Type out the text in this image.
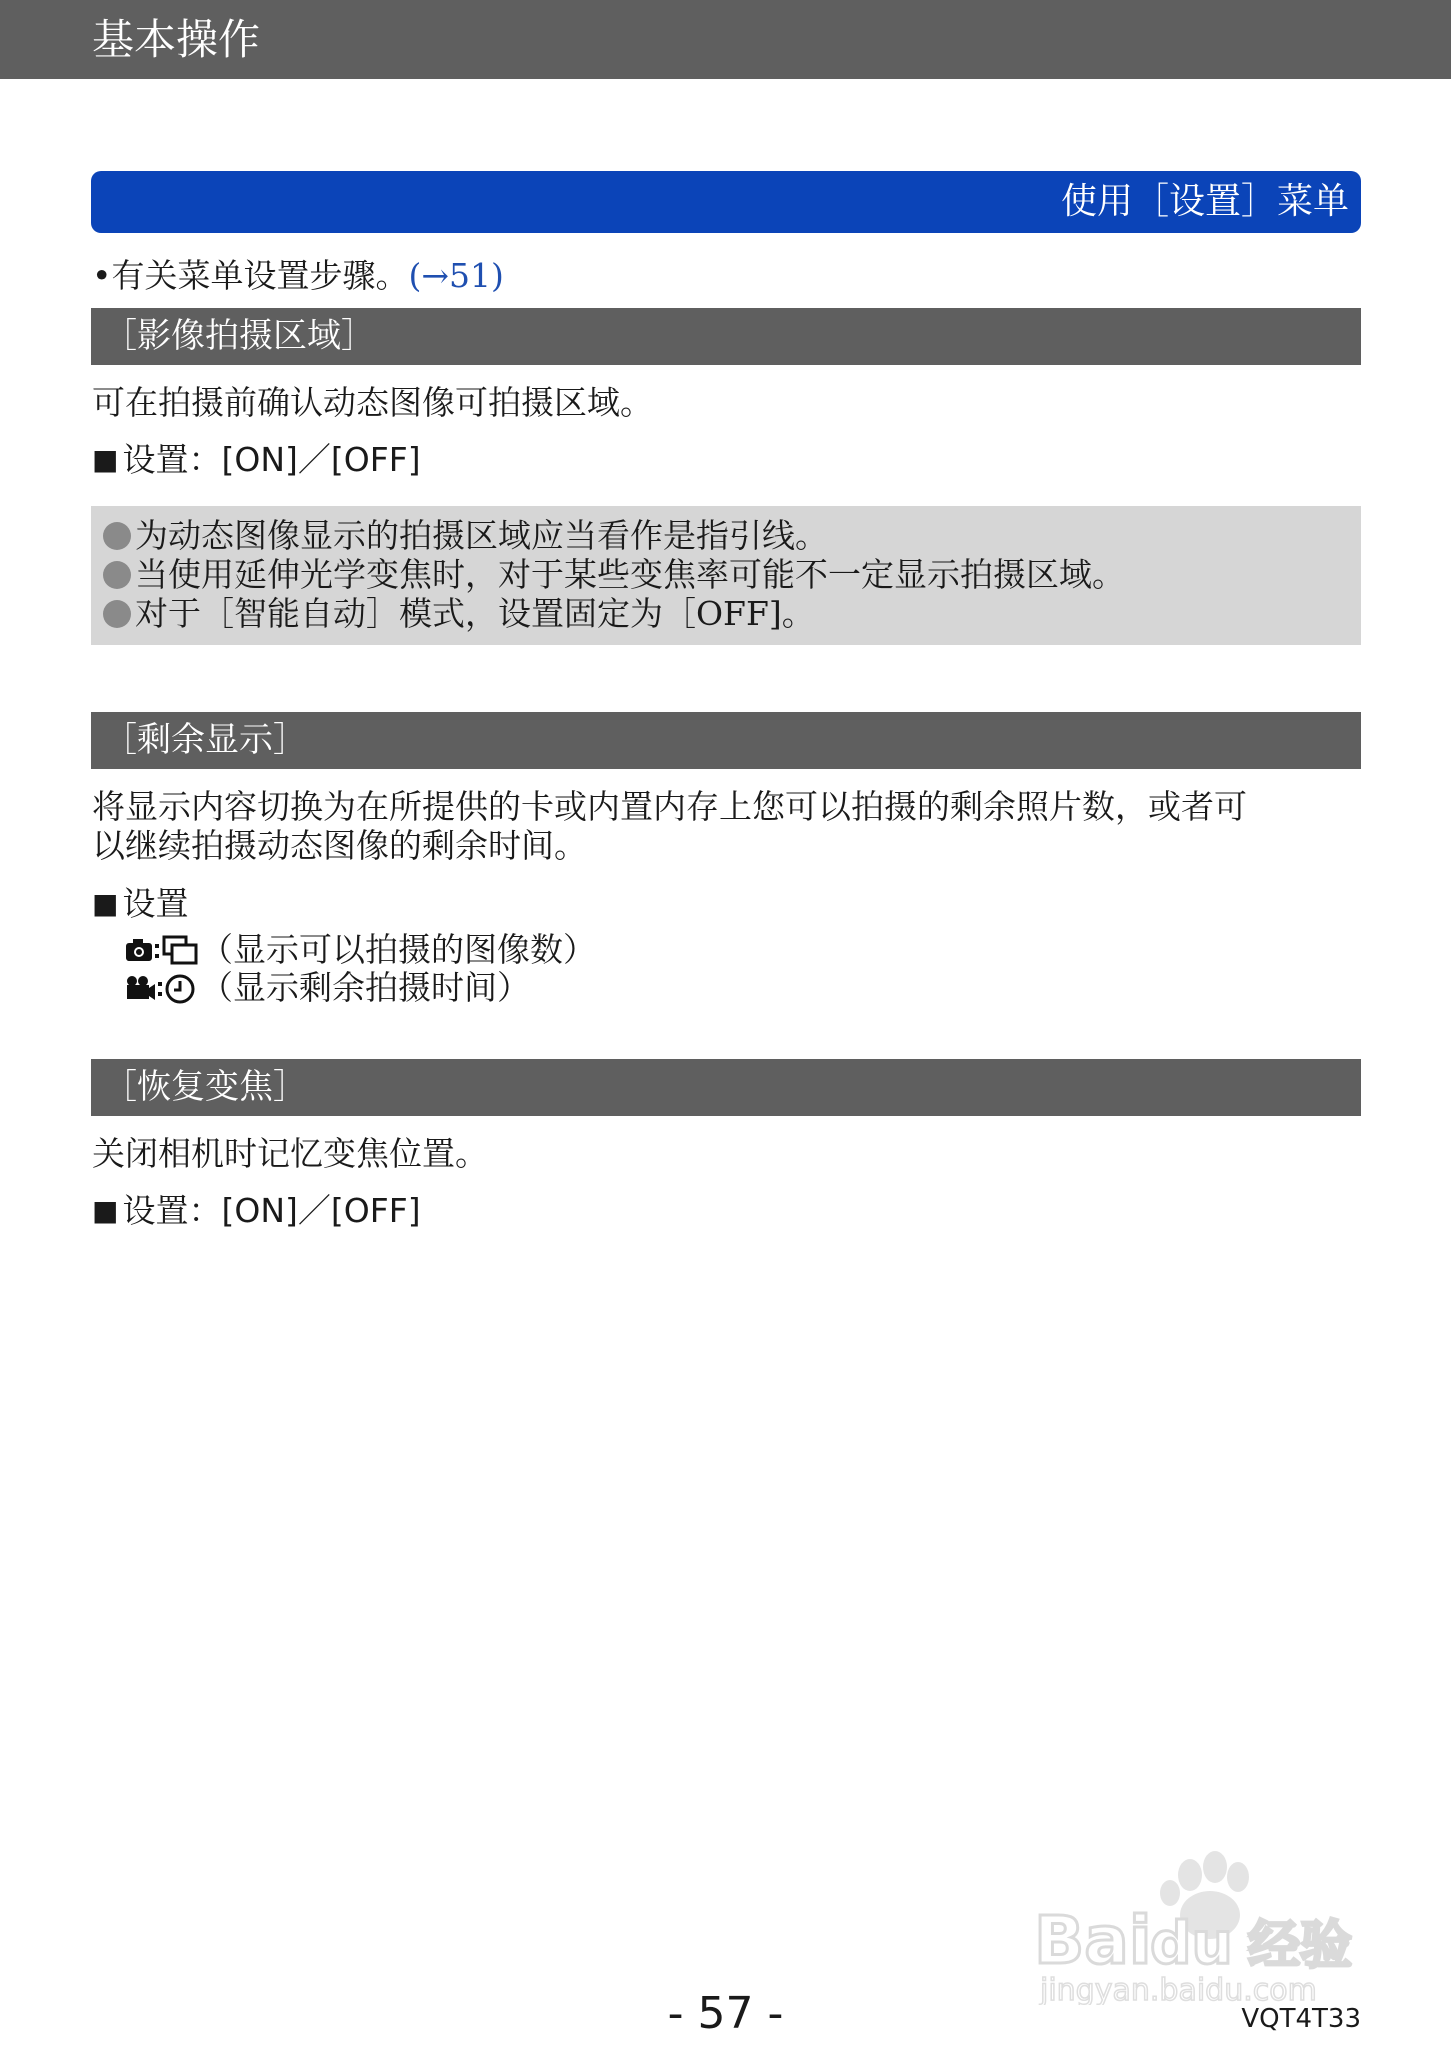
基本操作
使用［设置］菜单
•有关菜单设置步骤。(→51)
［影像拍摄区域］
可在拍摄前确认动态图像可拍摄区域。
■ 设置：[ON]／[OFF]
为动态图像显示的拍摄区域应当看作是指引线。
当使用延伸光学变焦时，对于某些变焦率可能不一定显示拍摄区域。
对于［智能自动］模式，设置固定为［OFF]。
［剩余显示］
将显示内容切换为在所提供的卡或内置内存上您可以拍摄的剩余照片数，或者可
以继续拍摄动态图像的剩余时间。
■ 设置
（显示可以拍摄的图像数）
（显示剩余拍摄时间）
［恢复变焦］
关闭相机时记忆变焦位置。
■ 设置：[ON]／[OFF]
Bai
du 经验
jingyan.baidu.com
- 57 -	VQT4T33
